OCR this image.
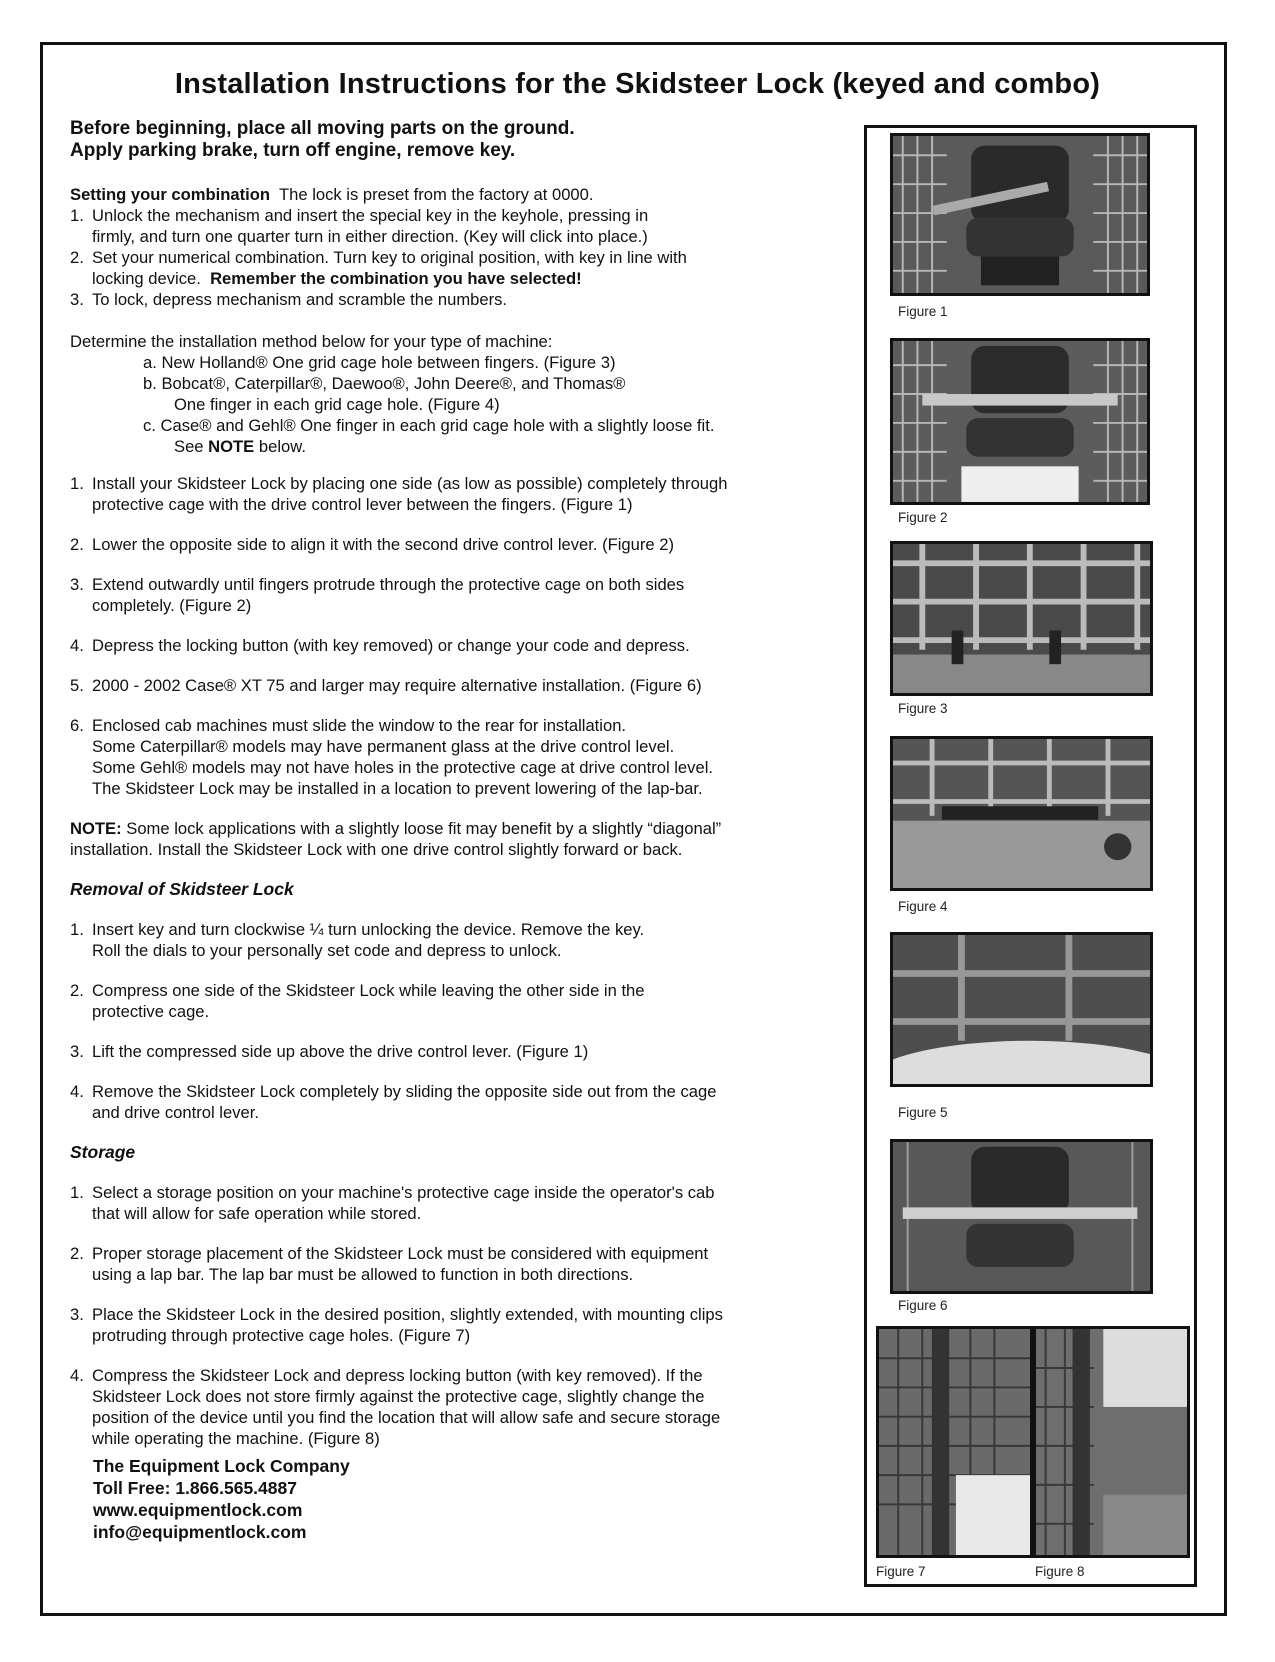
Installation Instructions for the Skidsteer Lock (keyed and combo)
Before beginning, place all moving parts on the ground.
Apply parking brake, turn off engine, remove key.

Setting your combination The lock is preset from the factory at 0000.

1. Unlock the mechanism and insert the special key in the keyhole, pressing in
firmly, and turn one quarter turn in either direction. (Key will click into place.)
2. Set your numerical combination. Turn key to original position, with key in line with
locking device. Remember the combination you have selected!
3. To lock, depress mechanism and scramble the numbers.

Determine the installation method below for your type of machine:

a. New Holland® One grid cage hole between fingers. (Figure 3)

b. Bobcat®, Caterpillar®, Daewoo®, John Deere®, and Thomas®

One finger in each grid cage hole. (Figure 4)

c. Case® and Gehl® One finger in each grid cage hole with a slightly loose fit.

See NOTE below.

1. Install your Skidsteer Lock by placing one side (as low as possible) completely through
protective cage with the drive control lever between the fingers. (Figure 1)
2. Lower the opposite side to align it with the second drive control lever. (Figure 2)
3. Extend outwardly until fingers protrude through the protective cage on both sides
completely. (Figure 2)
4. Depress the locking button (with key removed) or change your code and depress.
5. 2000 - 2002 Case® XT 75 and larger may require alternative installation. (Figure 6)
6. Enclosed cab machines must slide the window to the rear for installation.
Some Caterpillar® models may have permanent glass at the drive control level.
Some Gehl® models may not have holes in the protective cage at drive control level.
The Skidsteer Lock may be installed in a location to prevent lowering of the lap-bar.

NOTE: Some lock applications with a slightly loose fit may benefit by a slightly “diagonal”
installation. Install the Skidsteer Lock with one drive control slightly forward or back.

Removal of Skidsteer Lock

1. Insert key and turn clockwise ¼ turn unlocking the device. Remove the key.
Roll the dials to your personally set code and depress to unlock.
2. Compress one side of the Skidsteer Lock while leaving the other side in the
protective cage.
3. Lift the compressed side up above the drive control lever. (Figure 1)
4. Remove the Skidsteer Lock completely by sliding the opposite side out from the cage
and drive control lever.

Storage

1. Select a storage position on your machine's protective cage inside the operator's cab
that will allow for safe operation while stored.
2. Proper storage placement of the Skidsteer Lock must be considered with equipment
using a lap bar. The lap bar must be allowed to function in both directions.
3. Place the Skidsteer Lock in the desired position, slightly extended, with mounting clips
protruding through protective cage holes. (Figure 7)
4. Compress the Skidsteer Lock and depress locking button (with key removed). If the
Skidsteer Lock does not store firmly against the protective cage, slightly change the
position of the device until you find the location that will allow safe and secure storage
while operating the machine. (Figure 8)
The Equipment Lock Company
Toll Free: 1.866.565.4887
www.equipmentlock.com
info@equipmentlock.com
Figure 1
Figure 2
Figure 3
Figure 4
Figure 5
Figure 6
Figure 7	Figure 8
